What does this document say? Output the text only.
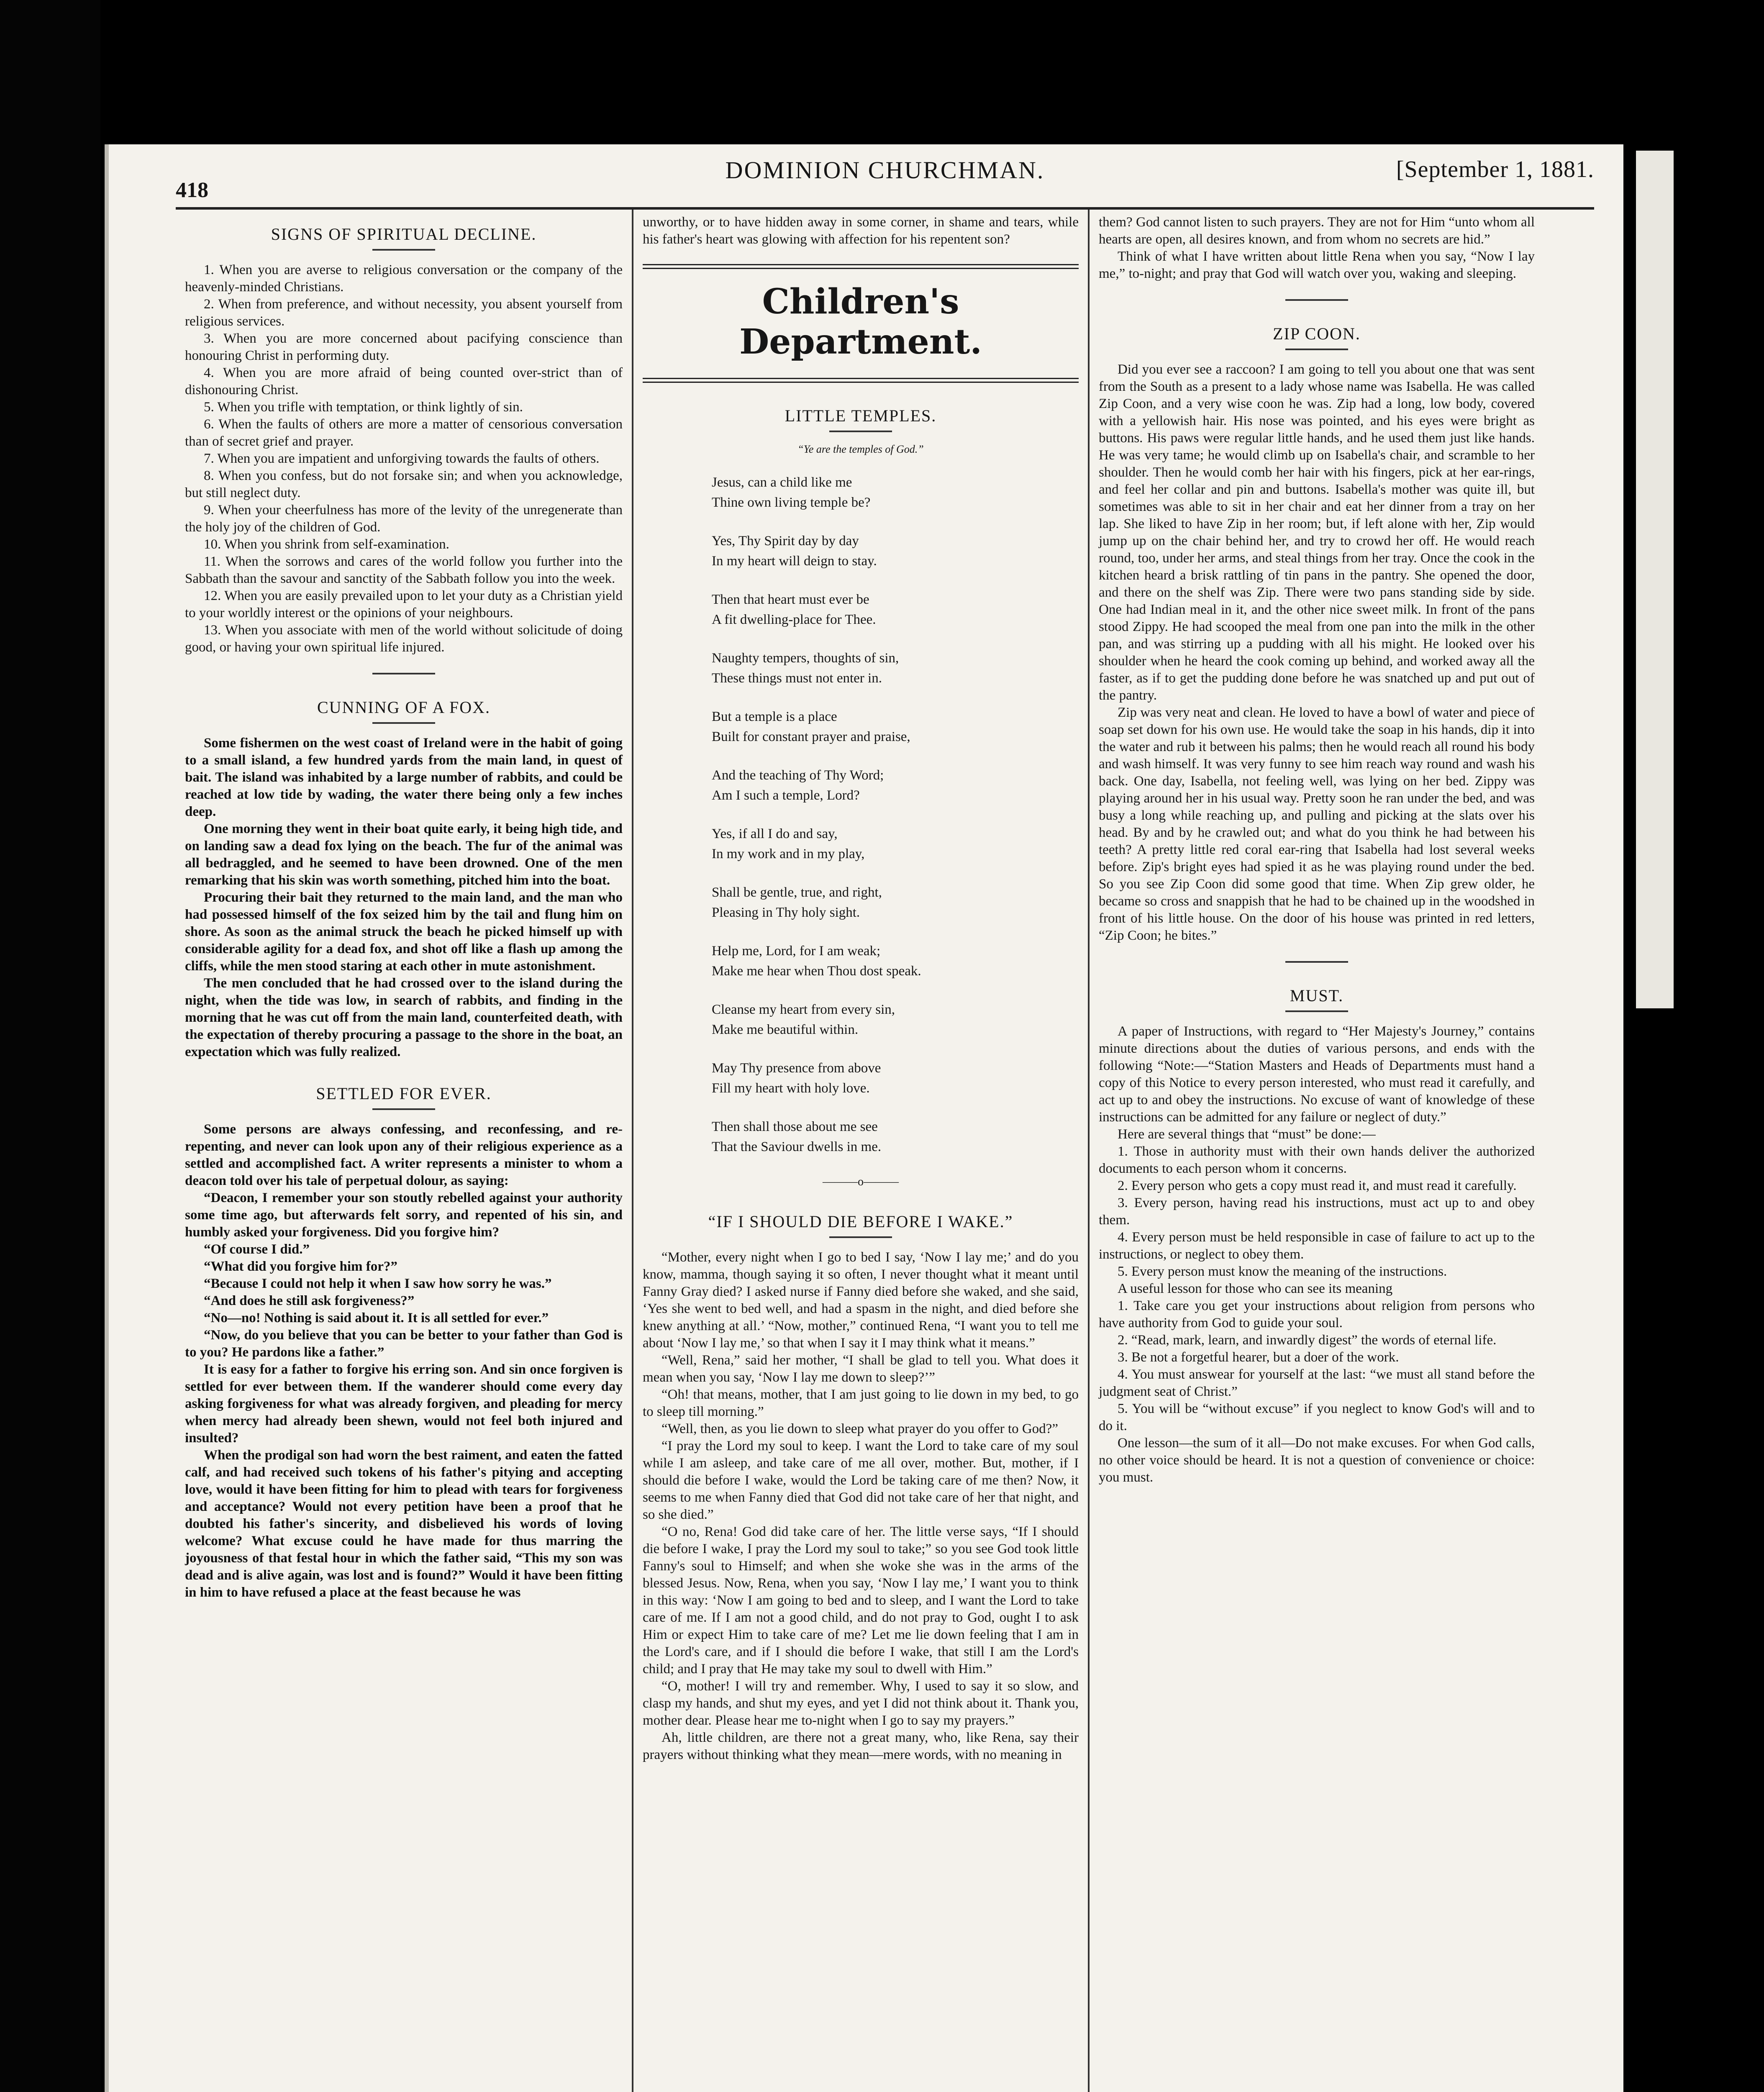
418
DOMINION CHURCHMAN.	[September 1, 1881.
SIGNS OF SPIRITUAL DECLINE.

1. When you are averse to religious conversation or the company of the heavenly-minded Christians.

2. When from preference, and without necessity, you absent yourself from religious services.

3. When you are more concerned about pacifying conscience than honouring Christ in performing duty.

4. When you are more afraid of being counted over-strict than of dishonouring Christ.

5. When you trifle with temptation, or think lightly of sin.

6. When the faults of others are more a matter of censorious conversation than of secret grief and prayer.

7. When you are impatient and unforgiving towards the faults of others.

8. When you confess, but do not forsake sin; and when you acknowledge, but still neglect duty.

9. When your cheerfulness has more of the levity of the unregenerate than the holy joy of the children of God.

10. When you shrink from self-examination.

11. When the sorrows and cares of the world follow you further into the Sabbath than the savour and sanctity of the Sabbath follow you into the week.

12. When you are easily prevailed upon to let your duty as a Christian yield to your worldly interest or the opinions of your neighbours.

13. When you associate with men of the world without solicitude of doing good, or having your own spiritual life injured.

CUNNING OF A FOX.

Some fishermen on the west coast of Ireland were in the habit of going to a small island, a few hundred yards from the main land, in quest of bait. The island was inhabited by a large number of rabbits, and could be reached at low tide by wading, the water there being only a few inches deep.

One morning they went in their boat quite early, it being high tide, and on landing saw a dead fox lying on the beach. The fur of the animal was all bedraggled, and he seemed to have been drowned. One of the men remarking that his skin was worth something, pitched him into the boat.

Procuring their bait they returned to the main land, and the man who had possessed himself of the fox seized him by the tail and flung him on shore. As soon as the animal struck the beach he picked himself up with considerable agility for a dead fox, and shot off like a flash up among the cliffs, while the men stood staring at each other in mute astonishment.

The men concluded that he had crossed over to the island during the night, when the tide was low, in search of rabbits, and finding in the morning that he was cut off from the main land, counterfeited death, with the expectation of thereby procuring a passage to the shore in the boat, an expectation which was fully realized.

SETTLED FOR EVER.

Some persons are always confessing, and reconfessing, and re-repenting, and never can look upon any of their religious experience as a settled and accomplished fact. A writer represents a minister to whom a deacon told over his tale of perpetual dolour, as saying:

“Deacon, I remember your son stoutly rebelled against your authority some time ago, but afterwards felt sorry, and repented of his sin, and humbly asked your forgiveness. Did you forgive him?

“Of course I did.”

“What did you forgive him for?”

“Because I could not help it when I saw how sorry he was.”

“And does he still ask forgiveness?”

“No—no! Nothing is said about it. It is all settled for ever.”

“Now, do you believe that you can be better to your father than God is to you? He pardons like a father.”

It is easy for a father to forgive his erring son. And sin once forgiven is settled for ever between them. If the wanderer should come every day asking forgiveness for what was already forgiven, and pleading for mercy when mercy had already been shewn, would not feel both injured and insulted?

When the prodigal son had worn the best raiment, and eaten the fatted calf, and had received such tokens of his father's pitying and accepting love, would it have been fitting for him to plead with tears for forgiveness and acceptance? Would not every petition have been a proof that he doubted his father's sincerity, and disbelieved his words of loving welcome? What excuse could he have made for thus marring the joyousness of that festal hour in which the father said, “This my son was dead and is alive again, was lost and is found?” Would it have been fitting in him to have refused a place at the feast because he was

unworthy, or to have hidden away in some corner, in shame and tears, while his father's heart was glowing with affection for his repentent son?

Children's Department.
LITTLE TEMPLES.
“Ye are the temples of God.”
Jesus, can a child like me
Thine own living temple be?
Yes, Thy Spirit day by day
In my heart will deign to stay.
Then that heart must ever be
A fit dwelling-place for Thee.
Naughty tempers, thoughts of sin,
These things must not enter in.
But a temple is a place
Built for constant prayer and praise,
And the teaching of Thy Word;
Am I such a temple, Lord?
Yes, if all I do and say,
In my work and in my play,
Shall be gentle, true, and right,
Pleasing in Thy holy sight.
Help me, Lord, for I am weak;
Make me hear when Thou dost speak.
Cleanse my heart from every sin,
Make me beautiful within.
May Thy presence from above
Fill my heart with holy love.
Then shall those about me see
That the Saviour dwells in me.
———o———
“IF I SHOULD DIE BEFORE I WAKE.”

“Mother, every night when I go to bed I say, ‘Now I lay me;’ and do you know, mamma, though saying it so often, I never thought what it meant until Fanny Gray died? I asked nurse if Fanny died before she waked, and she said, ‘Yes she went to bed well, and had a spasm in the night, and died before she knew anything at all.’ “Now, mother,” continued Rena, “I want you to tell me about ‘Now I lay me,’ so that when I say it I may think what it means.”

“Well, Rena,” said her mother, “I shall be glad to tell you. What does it mean when you say, ‘Now I lay me down to sleep?’”

“Oh! that means, mother, that I am just going to lie down in my bed, to go to sleep till morning.”

“Well, then, as you lie down to sleep what prayer do you offer to God?”

“I pray the Lord my soul to keep. I want the Lord to take care of my soul while I am asleep, and take care of me all over, mother. But, mother, if I should die before I wake, would the Lord be taking care of me then? Now, it seems to me when Fanny died that God did not take care of her that night, and so she died.”

“O no, Rena! God did take care of her. The little verse says, “If I should die before I wake, I pray the Lord my soul to take;” so you see God took little Fanny's soul to Himself; and when she woke she was in the arms of the blessed Jesus. Now, Rena, when you say, ‘Now I lay me,’ I want you to think in this way: ‘Now I am going to bed and to sleep, and I want the Lord to take care of me. If I am not a good child, and do not pray to God, ought I to ask Him or expect Him to take care of me? Let me lie down feeling that I am in the Lord's care, and if I should die before I wake, that still I am the Lord's child; and I pray that He may take my soul to dwell with Him.”

“O, mother! I will try and remember. Why, I used to say it so slow, and clasp my hands, and shut my eyes, and yet I did not think about it. Thank you, mother dear. Please hear me to-night when I go to say my prayers.”

Ah, little children, are there not a great many, who, like Rena, say their prayers without thinking what they mean—mere words, with no meaning in

them? God cannot listen to such prayers. They are not for Him “unto whom all hearts are open, all desires known, and from whom no secrets are hid.”

Think of what I have written about little Rena when you say, “Now I lay me,” to-night; and pray that God will watch over you, waking and sleeping.

ZIP COON.

Did you ever see a raccoon? I am going to tell you about one that was sent from the South as a present to a lady whose name was Isabella. He was called Zip Coon, and a very wise coon he was. Zip had a long, low body, covered with a yellowish hair. His nose was pointed, and his eyes were bright as buttons. His paws were regular little hands, and he used them just like hands. He was very tame; he would climb up on Isabella's chair, and scramble to her shoulder. Then he would comb her hair with his fingers, pick at her ear-rings, and feel her collar and pin and buttons. Isabella's mother was quite ill, but sometimes was able to sit in her chair and eat her dinner from a tray on her lap. She liked to have Zip in her room; but, if left alone with her, Zip would jump up on the chair behind her, and try to crowd her off. He would reach round, too, under her arms, and steal things from her tray. Once the cook in the kitchen heard a brisk rattling of tin pans in the pantry. She opened the door, and there on the shelf was Zip. There were two pans standing side by side. One had Indian meal in it, and the other nice sweet milk. In front of the pans stood Zippy. He had scooped the meal from one pan into the milk in the other pan, and was stirring up a pudding with all his might. He looked over his shoulder when he heard the cook coming up behind, and worked away all the faster, as if to get the pudding done before he was snatched up and put out of the pantry.

Zip was very neat and clean. He loved to have a bowl of water and piece of soap set down for his own use. He would take the soap in his hands, dip it into the water and rub it between his palms; then he would reach all round his body and wash himself. It was very funny to see him reach way round and wash his back. One day, Isabella, not feeling well, was lying on her bed. Zippy was playing around her in his usual way. Pretty soon he ran under the bed, and was busy a long while reaching up, and pulling and picking at the slats over his head. By and by he crawled out; and what do you think he had between his teeth? A pretty little red coral ear-ring that Isabella had lost several weeks before. Zip's bright eyes had spied it as he was playing round under the bed. So you see Zip Coon did some good that time. When Zip grew older, he became so cross and snappish that he had to be chained up in the woodshed in front of his little house. On the door of his house was printed in red letters, “Zip Coon; he bites.”

MUST.

A paper of Instructions, with regard to “Her Majesty's Journey,” contains minute directions about the duties of various persons, and ends with the following “Note:—“Station Masters and Heads of Departments must hand a copy of this Notice to every person interested, who must read it carefully, and act up to and obey the instructions. No excuse of want of knowledge of these instructions can be admitted for any failure or neglect of duty.”

Here are several things that “must” be done:—

1. Those in authority must with their own hands deliver the authorized documents to each person whom it concerns.

2. Every person who gets a copy must read it, and must read it carefully.

3. Every person, having read his instructions, must act up to and obey them.

4. Every person must be held responsible in case of failure to act up to the instructions, or neglect to obey them.

5. Every person must know the meaning of the instructions.

A useful lesson for those who can see its meaning

1. Take care you get your instructions about religion from persons who have authority from God to guide your soul.

2. “Read, mark, learn, and inwardly digest” the words of eternal life.

3. Be not a forgetful hearer, but a doer of the work.

4. You must answear for yourself at the last: “we must all stand before the judgment seat of Christ.”

5. You will be “without excuse” if you neglect to know God's will and to do it.

One lesson—the sum of it all—Do not make excuses. For when God calls, no other voice should be heard. It is not a question of convenience or choice: you must.
